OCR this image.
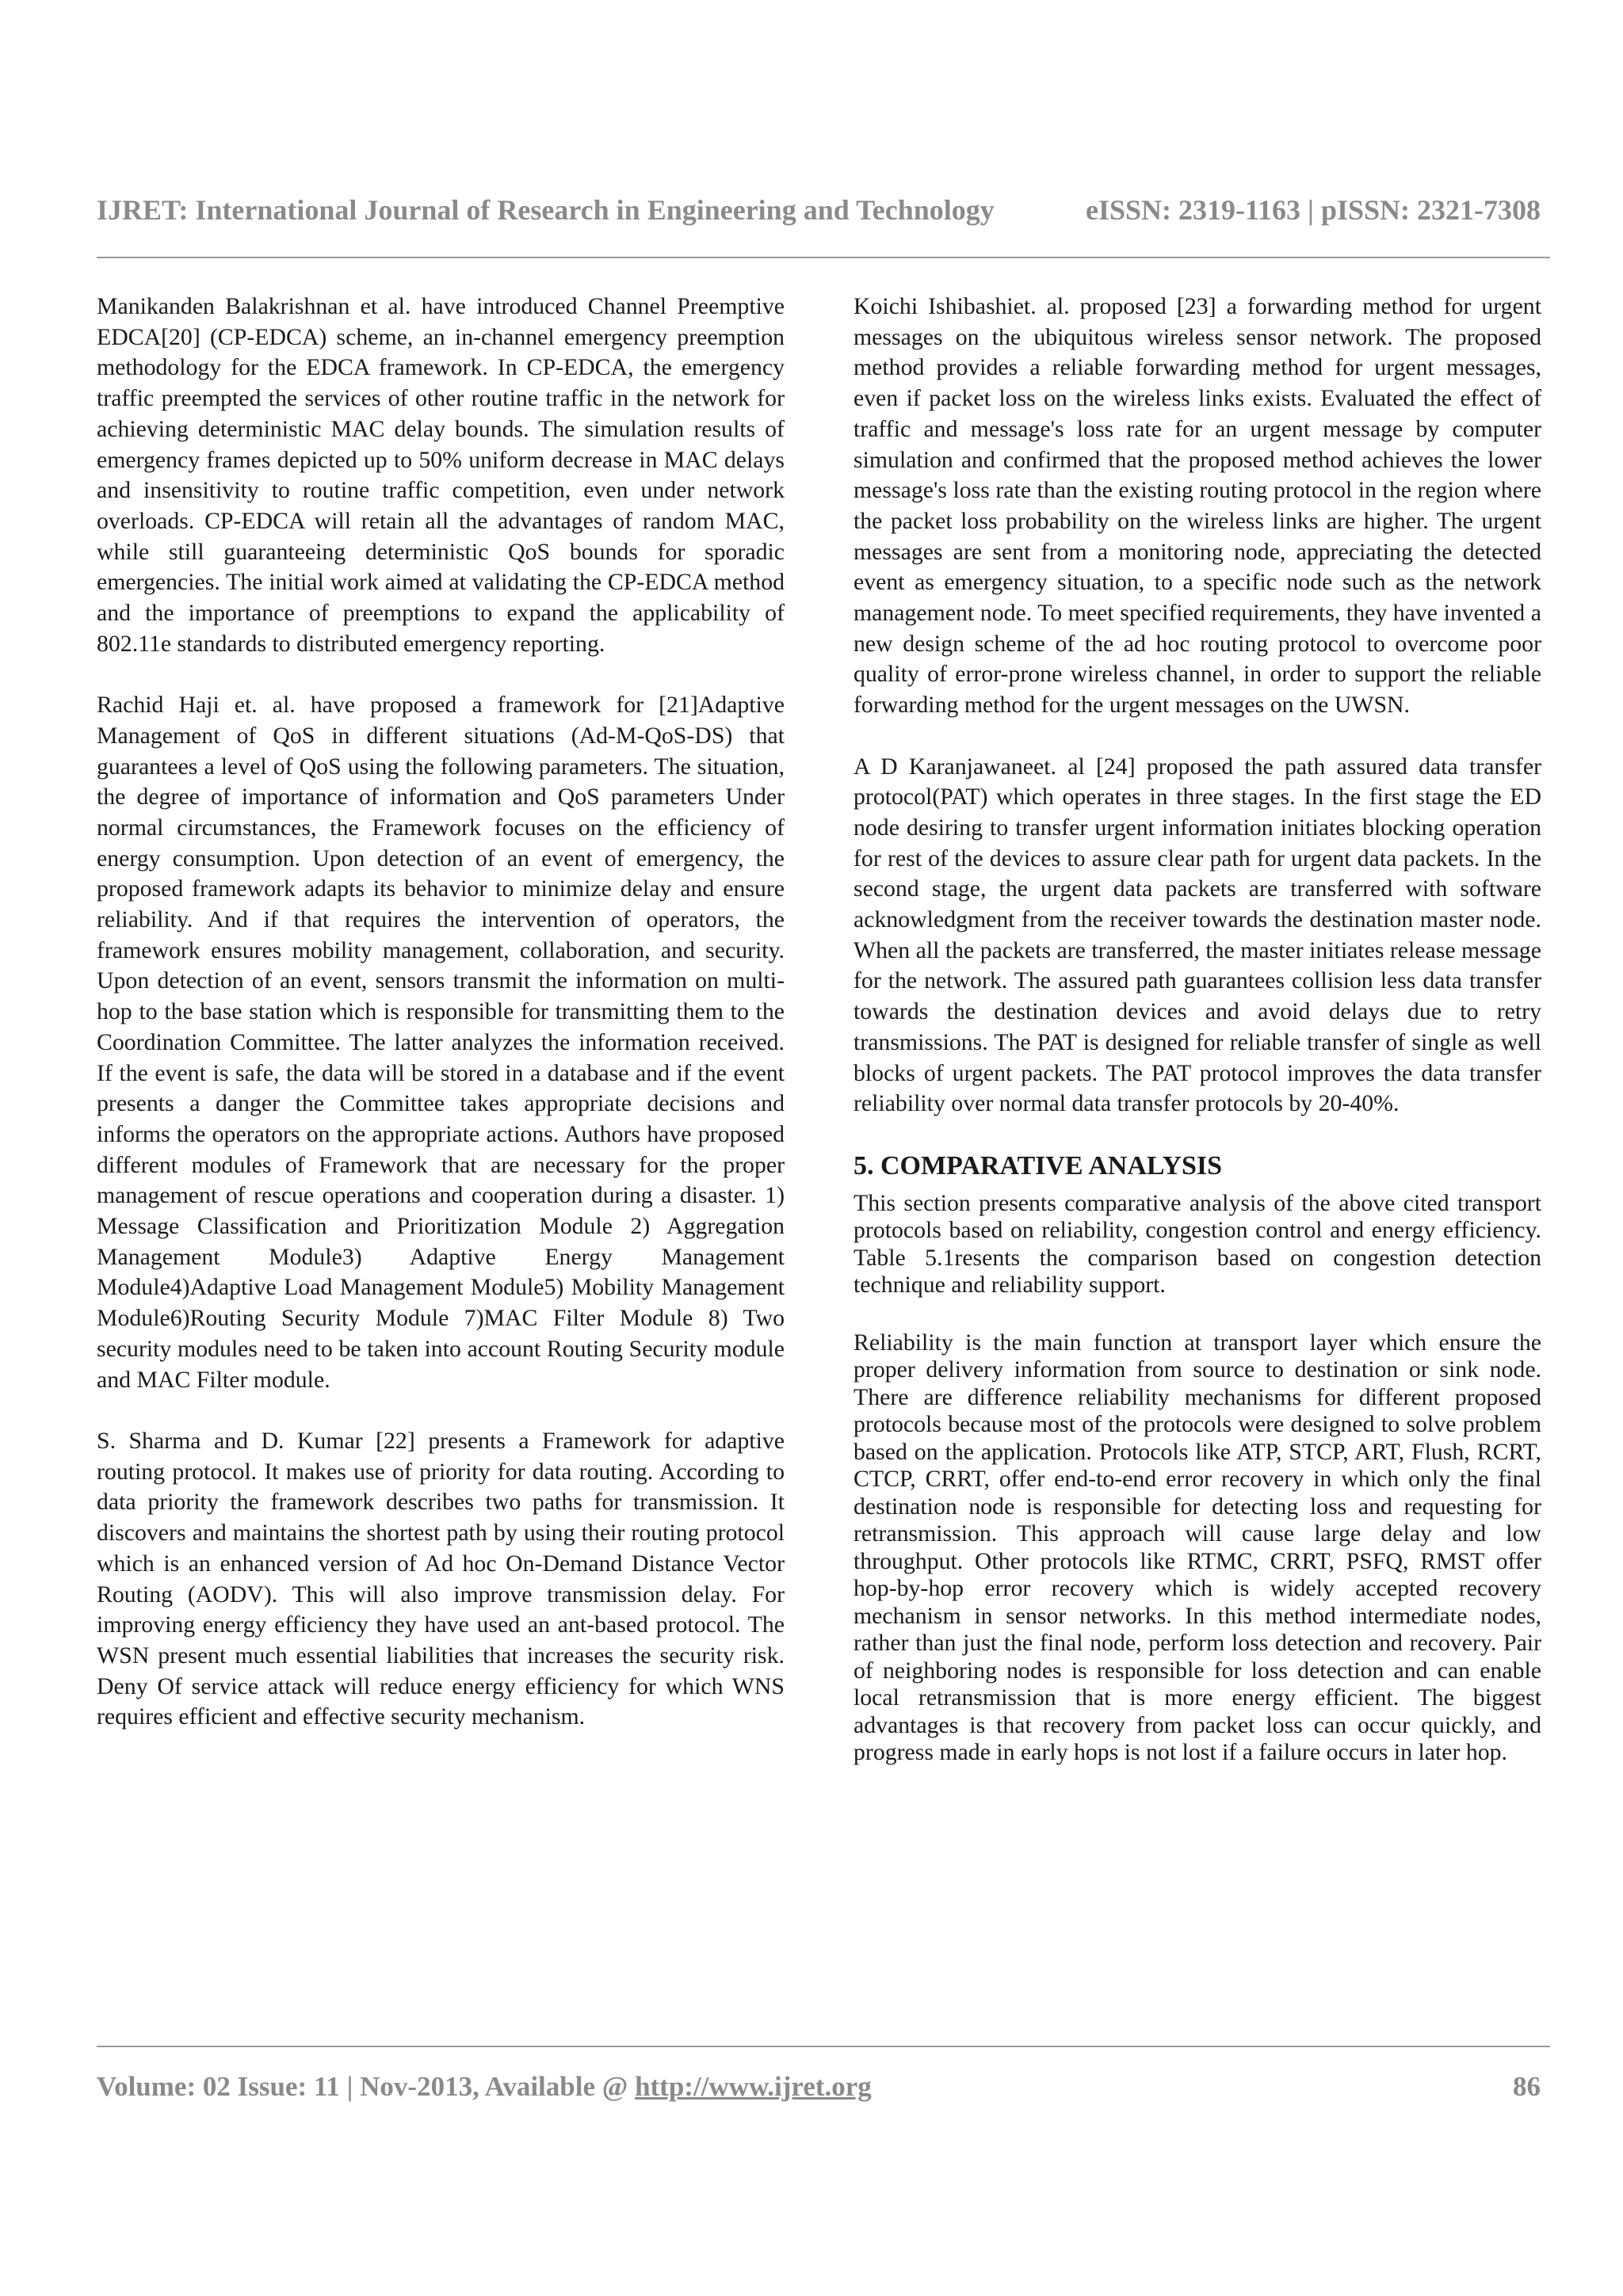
IJRET: International Journal of Research in Engineering and Technology	eISSN: 2319-1163 | pISSN: 2321-7308

Manikanden Balakrishnan et al. have introduced Channel Preemptive EDCA[20] (CP-EDCA) scheme, an in-channel emergency preemption methodology for the EDCA framework. In CP-EDCA, the emergency traffic preempted the services of other routine traffic in the network for achieving deterministic MAC delay bounds. The simulation results of emergency frames depicted up to 50% uniform decrease in MAC delays and insensitivity to routine traffic competition, even under network overloads. CP-EDCA will retain all the advantages of random MAC, while still guaranteeing deterministic QoS bounds for sporadic emergencies. The initial work aimed at validating the CP-EDCA method and the importance of preemptions to expand the applicability of 802.11e standards to distributed emergency reporting.

Rachid Haji et. al. have proposed a framework for [21]Adaptive Management of QoS in different situations (Ad-M-QoS-DS) that guarantees a level of QoS using the following parameters. The situation, the degree of importance of information and QoS parameters Under normal circumstances, the Framework focuses on the efficiency of energy consumption. Upon detection of an event of emergency, the proposed framework adapts its behavior to minimize delay and ensure reliability. And if that requires the intervention of operators, the framework ensures mobility management, collaboration, and security. Upon detection of an event, sensors transmit the information on multi-hop to the base station which is responsible for transmitting them to the Coordination Committee. The latter analyzes the information received. If the event is safe, the data will be stored in a database and if the event presents a danger the Committee takes appropriate decisions and informs the operators on the appropriate actions. Authors have proposed different modules of Framework that are necessary for the proper management of rescue operations and cooperation during a disaster. 1) Message Classification and Prioritization Module 2) Aggregation Management Module3) Adaptive Energy Management Module4)Adaptive Load Management Module5) Mobility Management Module6)Routing Security Module 7)MAC Filter Module 8) Two security modules need to be taken into account Routing Security module and MAC Filter module.

S. Sharma and D. Kumar [22] presents a Framework for adaptive routing protocol. It makes use of priority for data routing. According to data priority the framework describes two paths for transmission. It discovers and maintains the shortest path by using their routing protocol which is an enhanced version of Ad hoc On-Demand Distance Vector Routing (AODV). This will also improve transmission delay. For improving energy efficiency they have used an ant-based protocol. The WSN present much essential liabilities that increases the security risk. Deny Of service attack will reduce energy efficiency for which WNS requires efficient and effective security mechanism.

Koichi Ishibashiet. al. proposed [23] a forwarding method for urgent messages on the ubiquitous wireless sensor network. The proposed method provides a reliable forwarding method for urgent messages, even if packet loss on the wireless links exists. Evaluated the effect of traffic and message's loss rate for an urgent message by computer simulation and confirmed that the proposed method achieves the lower message's loss rate than the existing routing protocol in the region where the packet loss probability on the wireless links are higher. The urgent messages are sent from a monitoring node, appreciating the detected event as emergency situation, to a specific node such as the network management node. To meet specified requirements, they have invented a new design scheme of the ad hoc routing protocol to overcome poor quality of error-prone wireless channel, in order to support the reliable forwarding method for the urgent messages on the UWSN.

A D Karanjawaneet. al [24] proposed the path assured data transfer protocol(PAT) which operates in three stages. In the first stage the ED node desiring to transfer urgent information initiates blocking operation for rest of the devices to assure clear path for urgent data packets. In the second stage, the urgent data packets are transferred with software acknowledgment from the receiver towards the destination master node. When all the packets are transferred, the master initiates release message for the network. The assured path guarantees collision less data transfer towards the destination devices and avoid delays due to retry transmissions. The PAT is designed for reliable transfer of single as well blocks of urgent packets. The PAT protocol improves the data transfer reliability over normal data transfer protocols by 20-40%.

5. COMPARATIVE ANALYSIS

This section presents comparative analysis of the above cited transport protocols based on reliability, congestion control and energy efficiency. Table 5.1resents the comparison based on congestion detection technique and reliability support.

Reliability is the main function at transport layer which ensure the proper delivery information from source to destination or sink node. There are difference reliability mechanisms for different proposed protocols because most of the protocols were designed to solve problem based on the application. Protocols like ATP, STCP, ART, Flush, RCRT, CTCP, CRRT, offer end-to-end error recovery in which only the final destination node is responsible for detecting loss and requesting for retransmission. This approach will cause large delay and low throughput. Other protocols like RTMC, CRRT, PSFQ, RMST offer hop-by-hop error recovery which is widely accepted recovery mechanism in sensor networks. In this method intermediate nodes, rather than just the final node, perform loss detection and recovery. Pair of neighboring nodes is responsible for loss detection and can enable local retransmission that is more energy efficient. The biggest advantages is that recovery from packet loss can occur quickly, and progress made in early hops is not lost if a failure occurs in later hop.

Volume: 02 Issue: 11 | Nov-2013, Available @ http://www.ijret.org	86
